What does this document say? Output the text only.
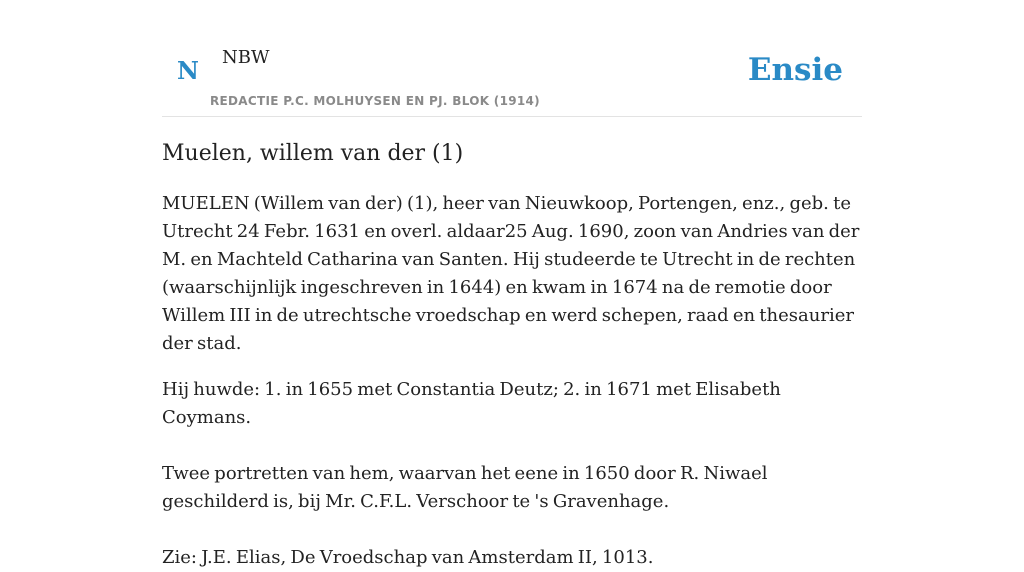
N NBW
REDACTIE P.C. MOLHUYSEN EN PJ. BLOK (1914)
Ensie
Muelen, willem van der (1)

MUELEN (Willem van der) (1), heer van Nieuwkoop, Portengen, enz., geb. te Utrecht 24 Febr. 1631 en overl. aldaar25 Aug. 1690, zoon van Andries van der M. en Machteld Catharina van Santen. Hij studeerde te Utrecht in de rechten (waarschijnlijk ingeschreven in 1644) en kwam in 1674 na de remotie door Willem III in de utrechtsche vroedschap en werd schepen, raad en thesaurier der stad.

Hij huwde: 1. in 1655 met Constantia Deutz; 2. in 1671 met Elisabeth Coymans.

Twee portretten van hem, waarvan het eene in 1650 door R. Niwael geschilderd is, bij Mr. C.F.L. Verschoor te 's Gravenhage.

Zie: J.E. Elias, De Vroedschap van Amsterdam II, 1013.
